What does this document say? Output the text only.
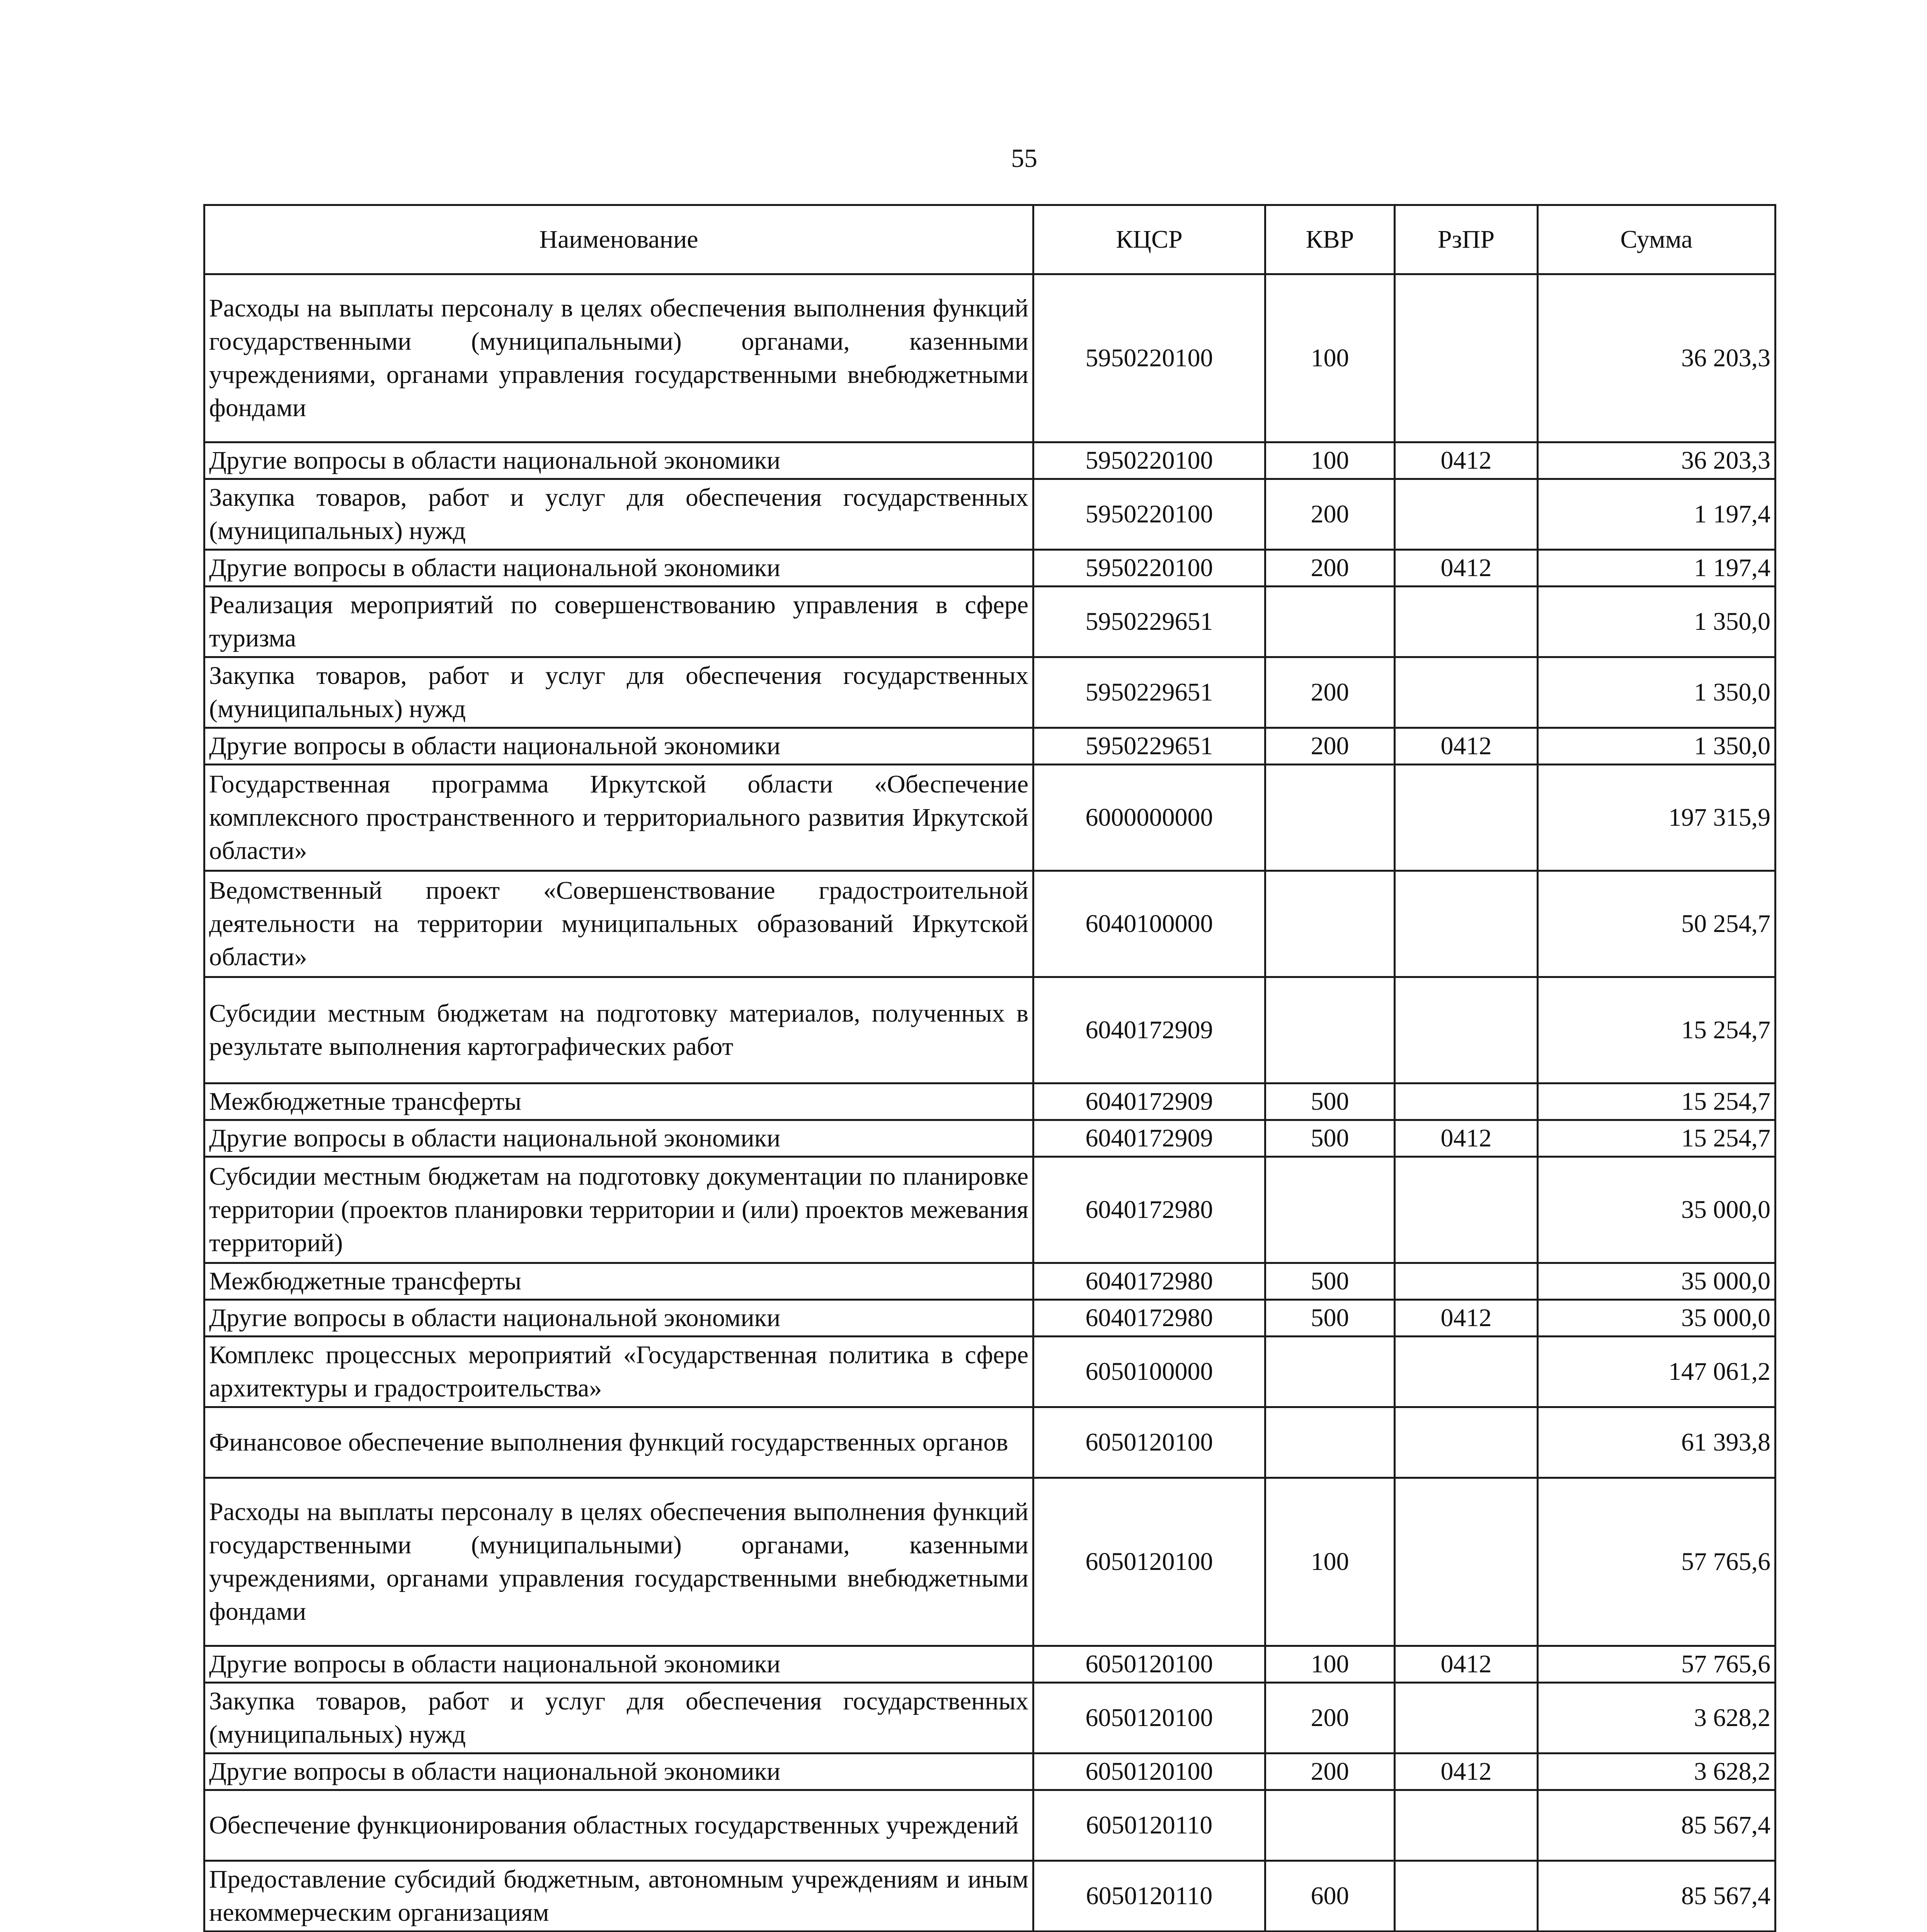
55
Наименование	КЦСР	КВР	РзПР	Сумма
Расходы на выплаты персоналу в целях обеспечения выполнения функций государственными (муниципальными) органами, казенными учреждениями, органами управления государственными внебюджетными фондами	5950220100	100		36 203,3
Другие вопросы в области национальной экономики	5950220100	100	0412	36 203,3
Закупка товаров, работ и услуг для обеспечения государственных (муниципальных) нужд	5950220100	200		1 197,4
Другие вопросы в области национальной экономики	5950220100	200	0412	1 197,4
Реализация мероприятий по совершенствованию управления в сфере туризма	5950229651			1 350,0
Закупка товаров, работ и услуг для обеспечения государственных (муниципальных) нужд	5950229651	200		1 350,0
Другие вопросы в области национальной экономики	5950229651	200	0412	1 350,0
Государственная программа Иркутской области «Обеспечение комплексного пространственного и территориального развития Иркутской области»	6000000000			197 315,9
Ведомственный проект «Совершенствование градостроительной деятельности на территории муниципальных образований Иркутской области»	6040100000			50 254,7
Субсидии местным бюджетам на подготовку материалов, полученных в результате выполнения картографических работ	6040172909			15 254,7
Межбюджетные трансферты	6040172909	500		15 254,7
Другие вопросы в области национальной экономики	6040172909	500	0412	15 254,7
Субсидии местным бюджетам на подготовку документации по планировке территории (проектов планировки территории и (или) проектов межевания территорий)	6040172980			35 000,0
Межбюджетные трансферты	6040172980	500		35 000,0
Другие вопросы в области национальной экономики	6040172980	500	0412	35 000,0
Комплекс процессных мероприятий «Государственная политика в сфере архитектуры и градостроительства»	6050100000			147 061,2
Финансовое обеспечение выполнения функций государственных органов	6050120100			61 393,8
Расходы на выплаты персоналу в целях обеспечения выполнения функций государственными (муниципальными) органами, казенными учреждениями, органами управления государственными внебюджетными фондами	6050120100	100		57 765,6
Другие вопросы в области национальной экономики	6050120100	100	0412	57 765,6
Закупка товаров, работ и услуг для обеспечения государственных (муниципальных) нужд	6050120100	200		3 628,2
Другие вопросы в области национальной экономики	6050120100	200	0412	3 628,2
Обеспечение функционирования областных государственных учреждений	6050120110			85 567,4
Предоставление субсидий бюджетным, автономным учреждениям и иным некоммерческим организациям	6050120110	600		85 567,4
